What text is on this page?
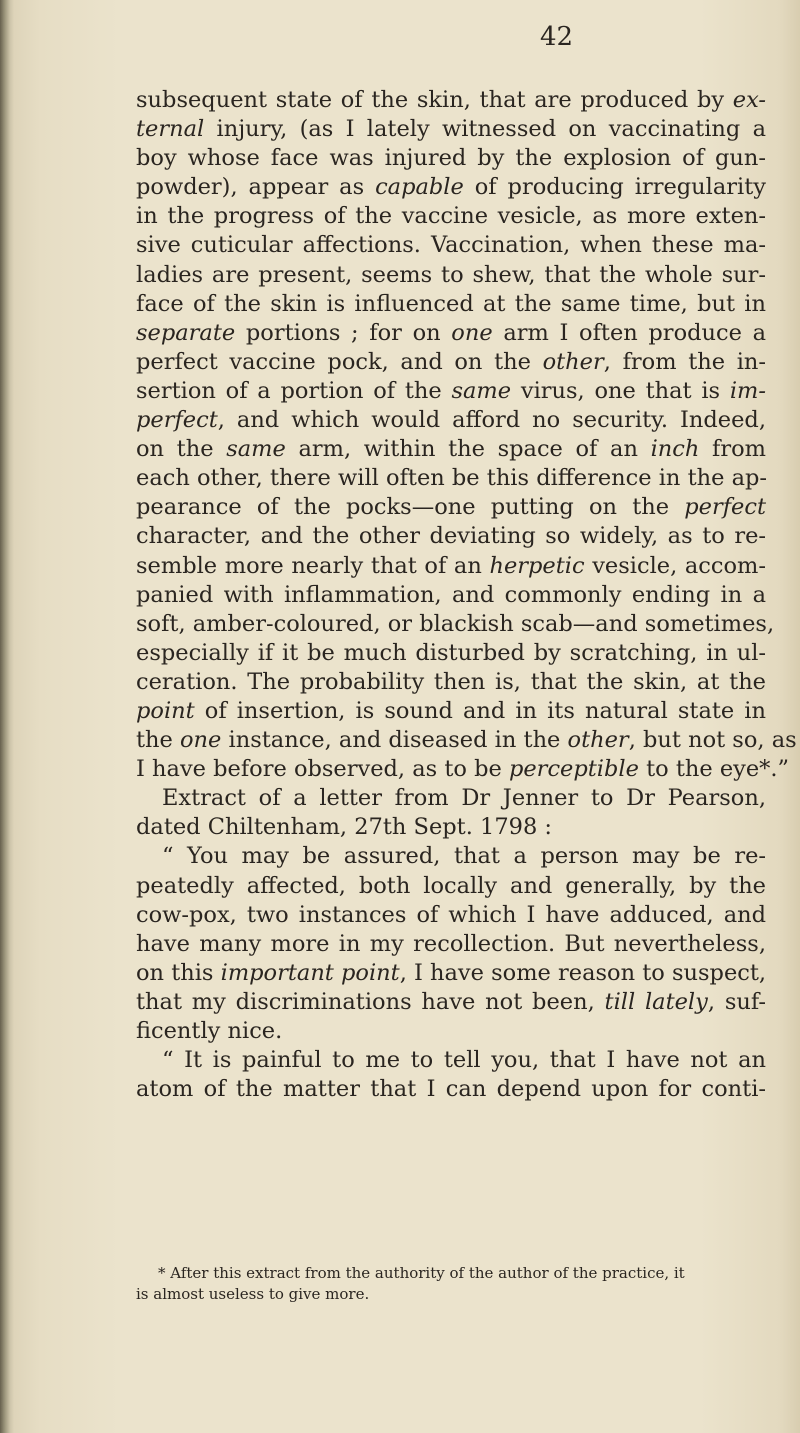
42
subsequent state of the skin, that are produced by ex-
ternal injury, (as I lately witnessed on vaccinating a
boy whose face was injured by the explosion of gun-
powder), appear as capable of producing irregularity
in the progress of the vaccine vesicle, as more exten-
sive cuticular affections. Vaccination, when these ma-
ladies are present, seems to shew, that the whole sur-
face of the skin is influenced at the same time, but in
separate portions ; for on one arm I often produce a
perfect vaccine pock, and on the other, from the in-
sertion of a portion of the same virus, one that is im-
perfect, and which would afford no security. Indeed,
on the same arm, within the space of an inch from
each other, there will often be this difference in the ap-
pearance of the pocks—one putting on the perfect
character, and the other deviating so widely, as to re-
semble more nearly that of an herpetic vesicle, accom-
panied with inflammation, and commonly ending in a
soft, amber-coloured, or blackish scab—and sometimes,
especially if it be much disturbed by scratching, in ul-
ceration. The probability then is, that the skin, at the
point of insertion, is sound and in its natural state in
the one instance, and diseased in the other, but not so, as
I have before observed, as to be perceptible to the eye*.”
Extract of a letter from Dr Jenner to Dr Pearson,
dated Chiltenham, 27th Sept. 1798 :
“ You may be assured, that a person may be re-
peatedly affected, both locally and generally, by the
cow-pox, two instances of which I have adduced, and
have many more in my recollection. But nevertheless,
on this important point, I have some reason to suspect,
that my discriminations have not been, till lately, suf-
ficently nice.
“ It is painful to me to tell you, that I have not an
atom of the matter that I can depend upon for conti-
* After this extract from the authority of the author of the practice, it
is almost useless to give more.
